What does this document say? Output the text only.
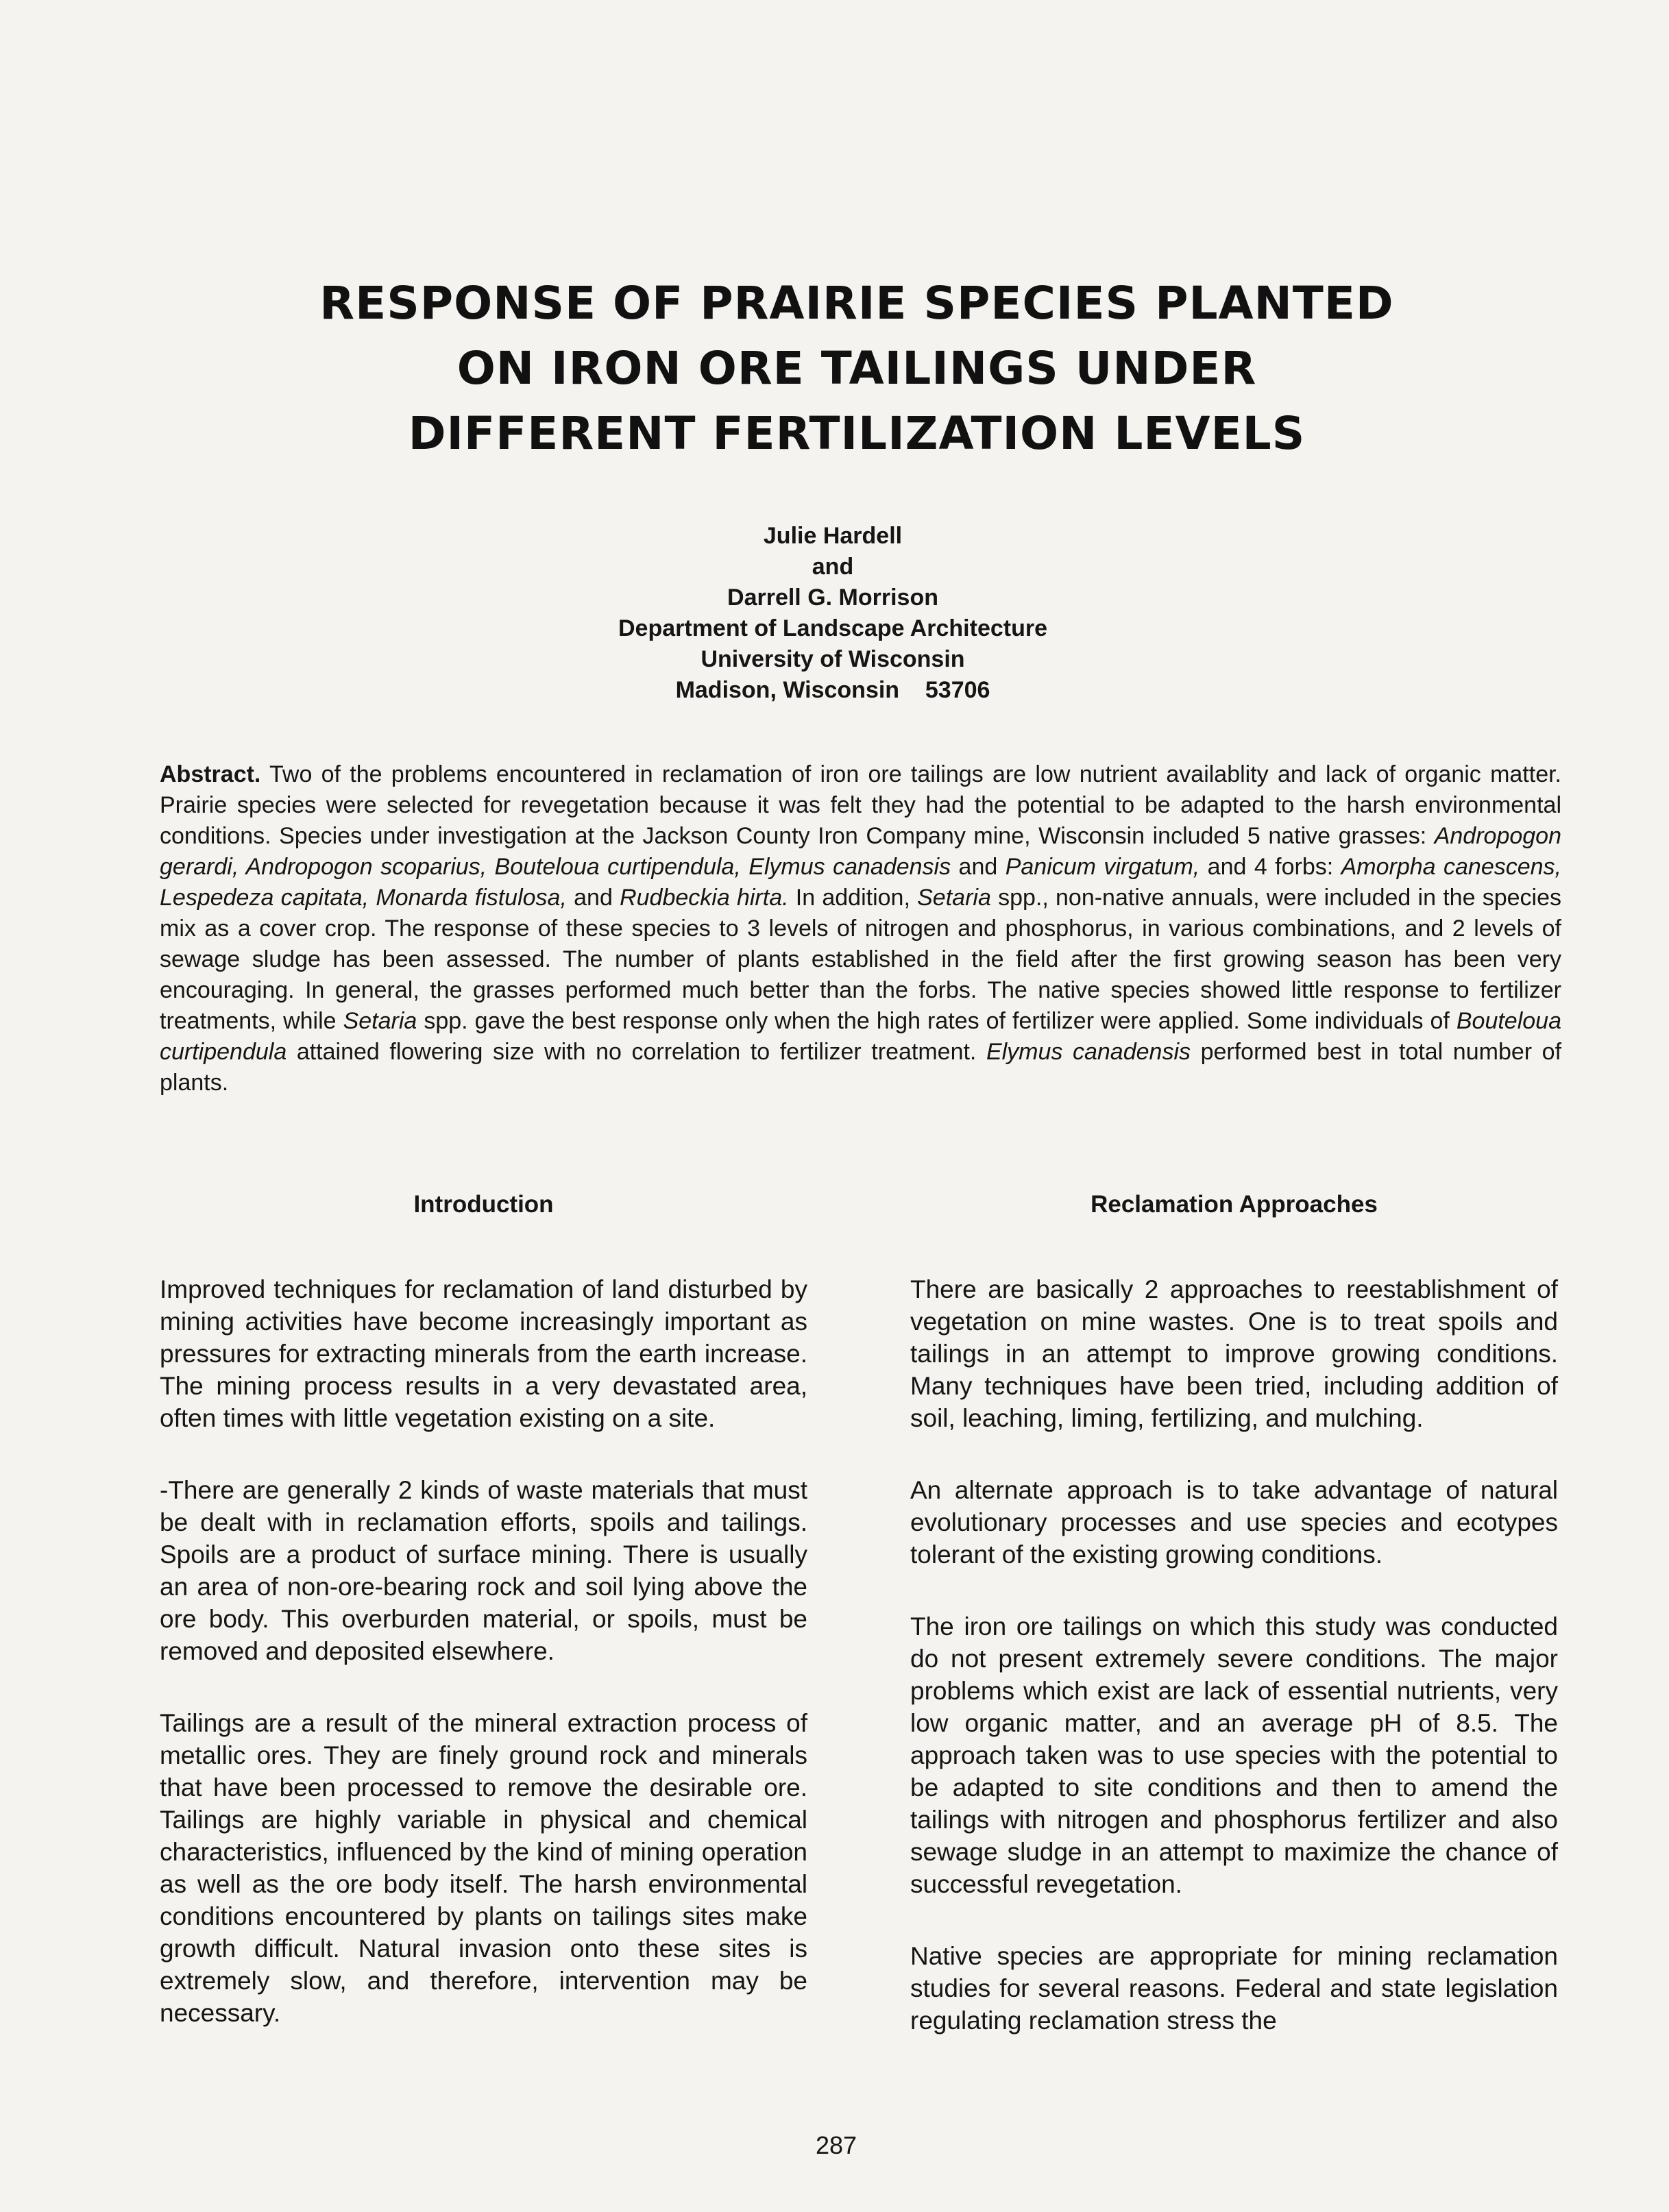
RESPONSE OF PRAIRIE SPECIES PLANTED
ON IRON ORE TAILINGS UNDER
DIFFERENT FERTILIZATION LEVELS
Julie Hardell
and
Darrell G. Morrison
Department of Landscape Architecture
University of Wisconsin
Madison, Wisconsin 53706
Abstract. Two of the problems encountered in reclamation of iron ore tailings are low nutrient availablity and lack of organic matter. Prairie species were selected for revegetation because it was felt they had the potential to be adapted to the harsh environmental conditions. Species under investigation at the Jackson County Iron Company mine, Wisconsin included 5 native grasses: Andropogon gerardi, Andropogon scoparius, Bouteloua curtipendula, Elymus canadensis and Panicum virgatum, and 4 forbs: Amorpha canescens, Lespedeza capitata, Monarda fistulosa, and Rudbeckia hirta. In addition, Setaria spp., non-native annuals, were included in the species mix as a cover crop. The response of these species to 3 levels of nitrogen and phosphorus, in various combinations, and 2 levels of sewage sludge has been assessed. The number of plants established in the field after the first growing season has been very encouraging. In general, the grasses performed much better than the forbs. The native species showed little response to fertilizer treatments, while Setaria spp. gave the best response only when the high rates of fertilizer were applied. Some individuals of Bouteloua curtipendula attained flowering size with no correlation to fertilizer treatment. Elymus canadensis performed best in total number of plants.
Introduction

Improved techniques for reclamation of land disturbed by mining activities have become increasingly important as pressures for extracting minerals from the earth increase. The mining process results in a very devastated area, often times with little vegetation existing on a site.

-There are generally 2 kinds of waste materials that must be dealt with in reclamation efforts, spoils and tailings. Spoils are a product of surface mining. There is usually an area of non-ore-bearing rock and soil lying above the ore body. This overburden material, or spoils, must be removed and deposited elsewhere.

Tailings are a result of the mineral extraction process of metallic ores. They are finely ground rock and minerals that have been processed to remove the desirable ore. Tailings are highly variable in physical and chemical characteristics, influenced by the kind of mining operation as well as the ore body itself. The harsh environmental conditions encountered by plants on tailings sites make growth difficult. Natural invasion onto these sites is extremely slow, and therefore, intervention may be necessary.

Reclamation Approaches

There are basically 2 approaches to reestablishment of vegetation on mine wastes. One is to treat spoils and tailings in an attempt to improve growing conditions. Many techniques have been tried, including addition of soil, leaching, liming, fertilizing, and mulching.

An alternate approach is to take advantage of natural evolutionary processes and use species and ecotypes tolerant of the existing growing conditions.

The iron ore tailings on which this study was conducted do not present extremely severe conditions. The major problems which exist are lack of essential nutrients, very low organic matter, and an average pH of 8.5. The approach taken was to use species with the potential to be adapted to site conditions and then to amend the tailings with nitrogen and phosphorus fertilizer and also sewage sludge in an attempt to maximize the chance of successful revegetation.

Native species are appropriate for mining reclamation studies for several reasons. Federal and state legislation regulating reclamation stress the

287
